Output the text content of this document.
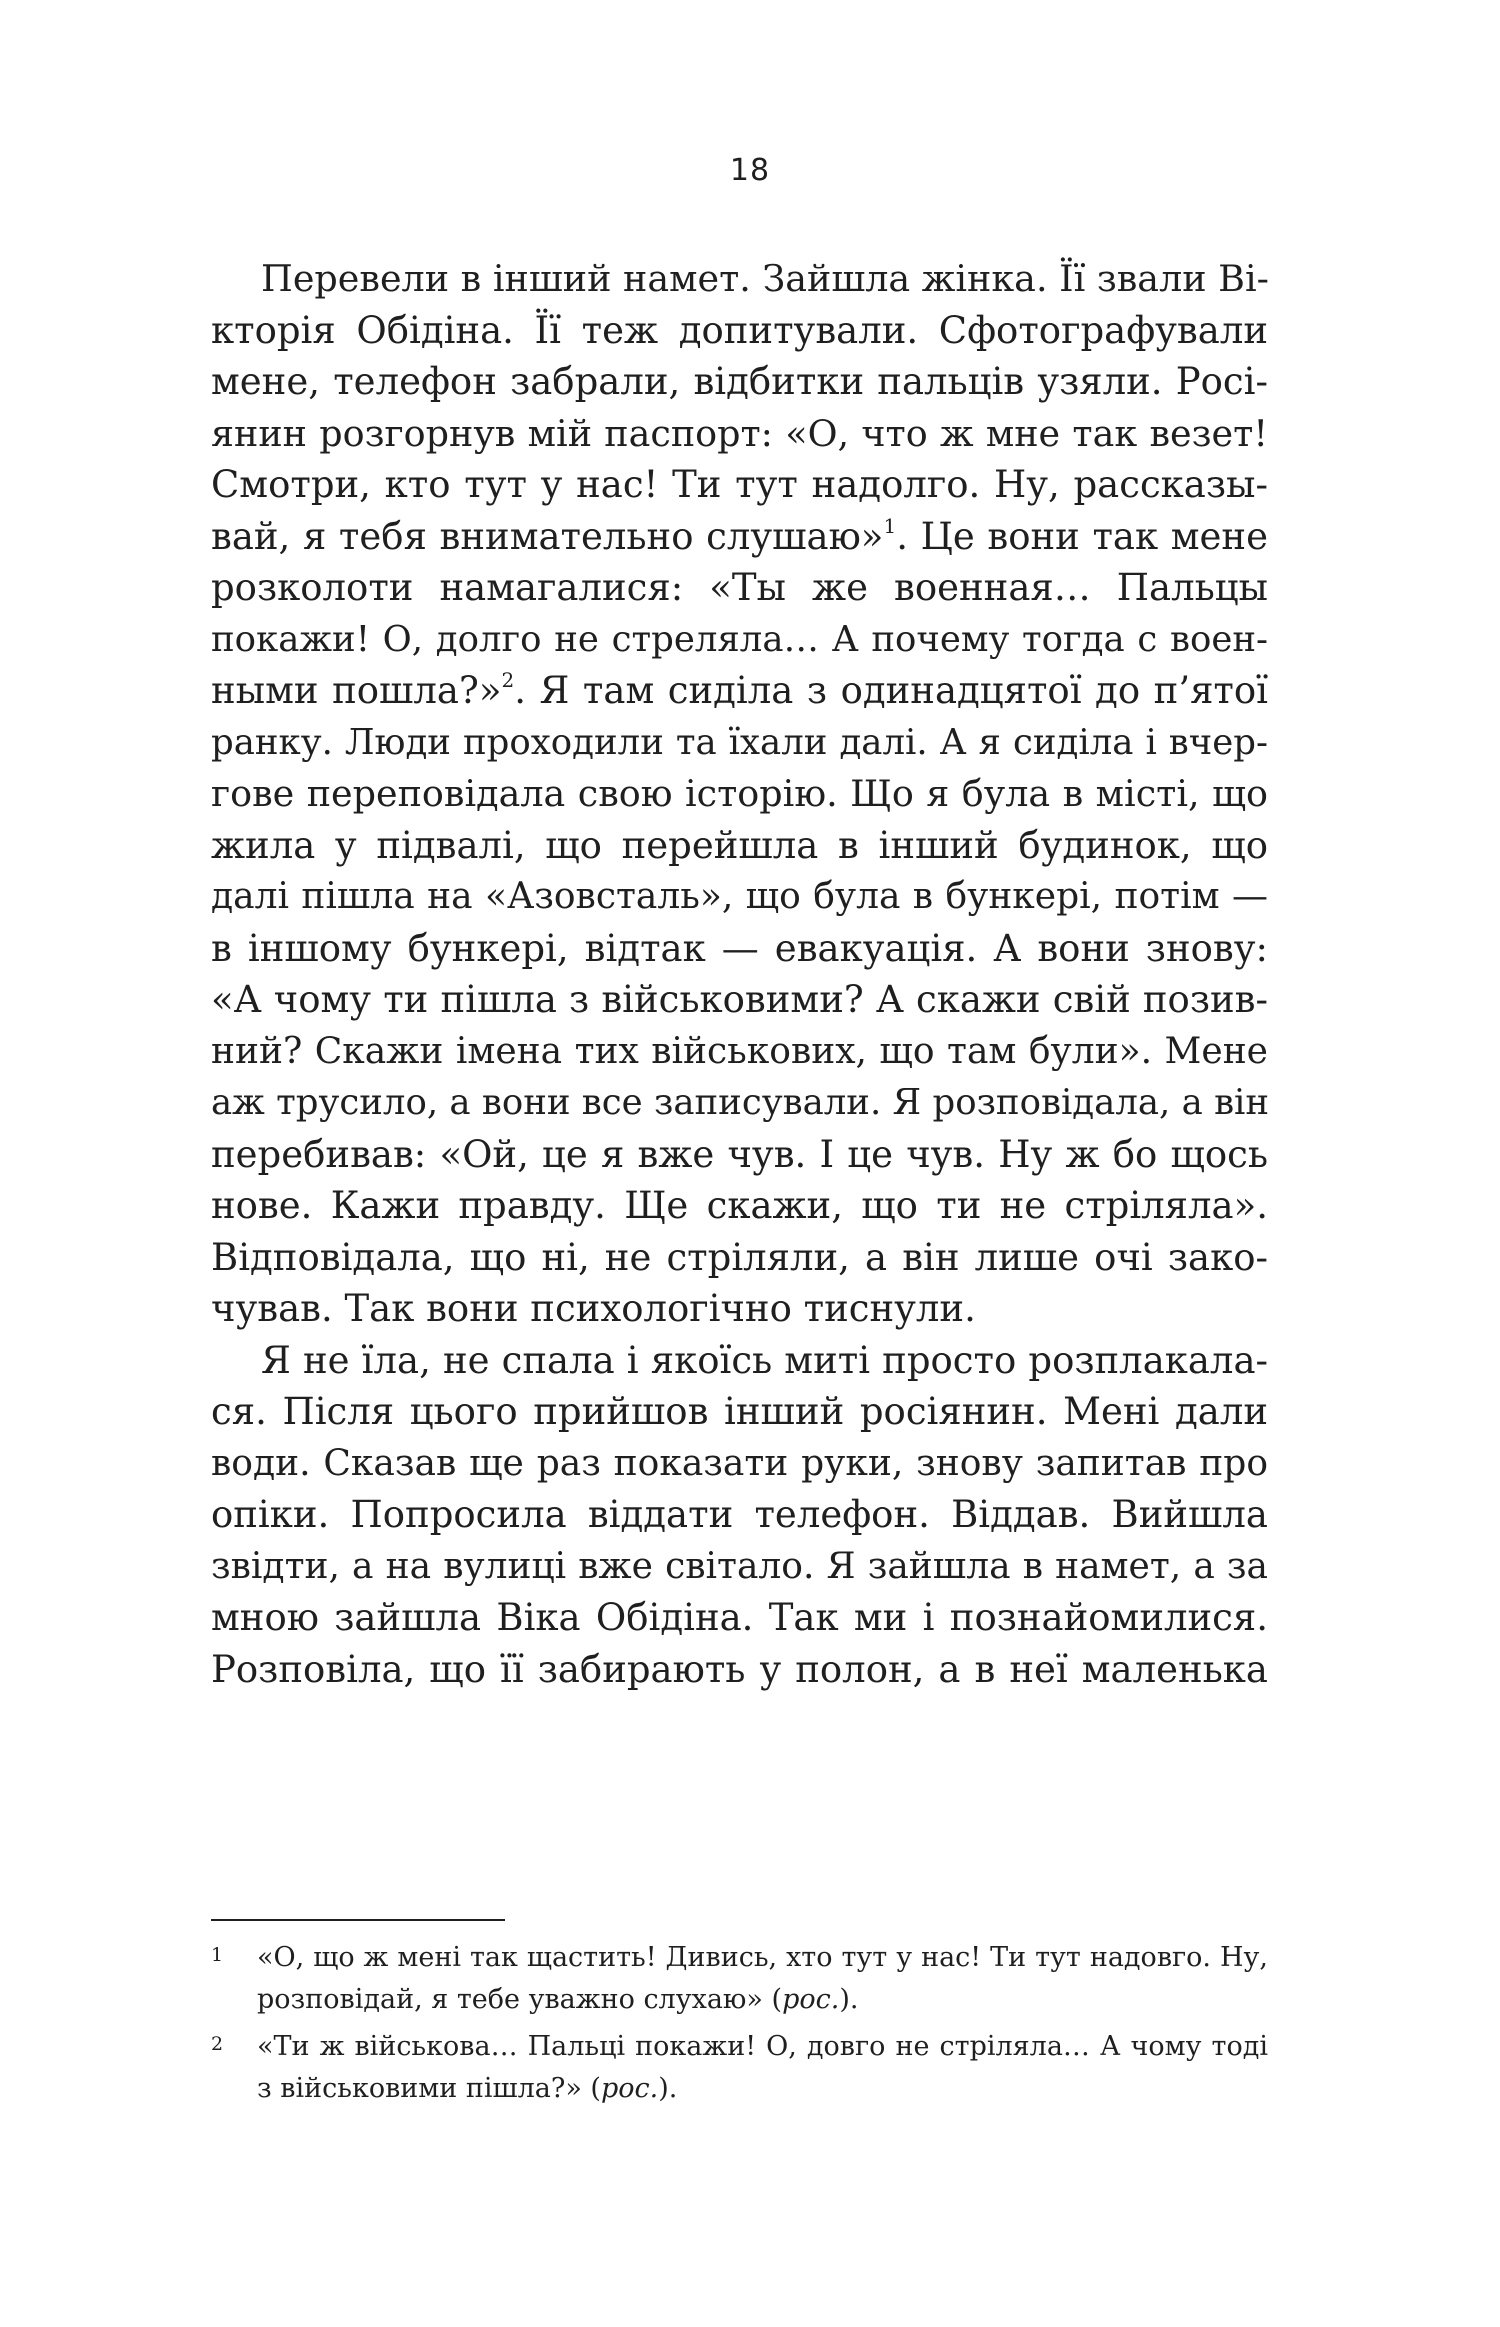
18
Перевели в інший намет. Зайшла жінка. Її звали Ві-
кторія Обідіна. Її теж допитували. Сфотографували
мене, телефон забрали, відбитки пальців узяли. Росі-
янин розгорнув мій паспорт: «О, что ж мне так везет!
Смотри, кто тут у нас! Ти тут надолго. Ну, рассказы-
вай, я тебя внимательно слушаю»$^1$. Це вони так мене
розколоти намагалися: «Ты же военная… Пальцы
покажи! О, долго не стреляла… А почему тогда с воен-
ными пошла?»$^2$. Я там сиділа з одинадцятої до п’ятої
ранку. Люди проходили та їхали далі. А я сиділа і вчер-
гове переповідала свою історію. Що я була в місті, що
жила у підвалі, що перейшла в інший будинок, що
далі пішла на «Азовсталь», що була в бункері, потім —
в іншому бункері, відтак — евакуація. А вони знову:
«А чому ти пішла з військовими? А скажи свій позив-
ний? Скажи імена тих військових, що там були». Мене
аж трусило, а вони все записували. Я розповідала, а він
перебивав: «Ой, це я вже чув. І це чув. Ну ж бо щось
нове. Кажи правду. Ще скажи, що ти не стріляла».
Відповідала, що ні, не стріляли, а він лише очі зако-
чував. Так вони психологічно тиснули.
Я не їла, не спала і якоїсь миті просто розплакала-
ся. Після цього прийшов інший росіянин. Мені дали
води. Сказав ще раз показати руки, знову запитав про
опіки. Попросила віддати телефон. Віддав. Вийшла
звідти, а на вулиці вже світало. Я зайшла в намет, а за
мною зайшла Віка Обідіна. Так ми і познайомилися.
Розповіла, що її забирають у полон, а в неї маленька
1 «О, що ж мені так щастить! Дивись, хто тут у нас! Ти тут надовго. Ну,
розповідай, я тебе уважно слухаю» (рос.).
2 «Ти ж військова… Пальці покажи! О, довго не стріляла… А чому тоді
з військовими пішла?» (рос.).
